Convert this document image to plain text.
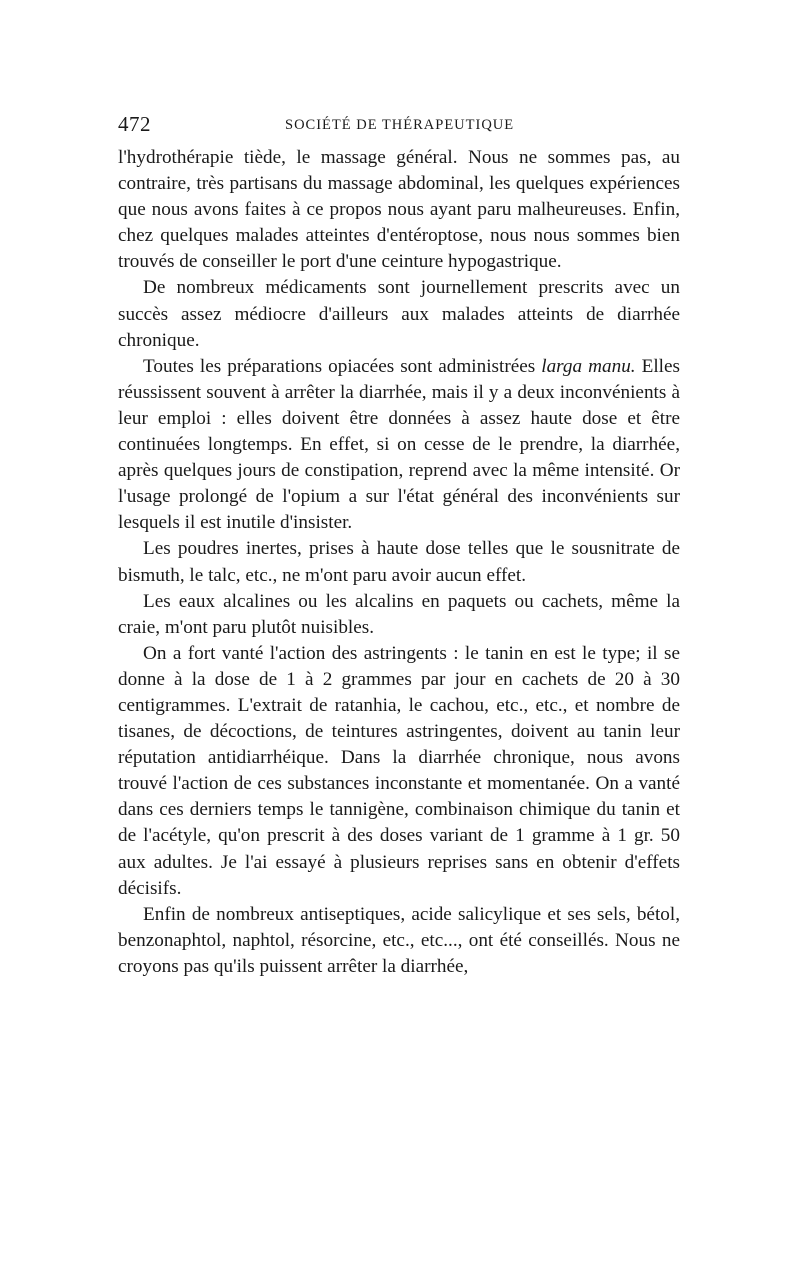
472	SOCIÉTÉ DE THÉRAPEUTIQUE

l'hydrothérapie tiède, le massage général. Nous ne sommes pas, au contraire, très partisans du massage abdominal, les quelques expériences que nous avons faites à ce propos nous ayant paru malheureuses. Enfin, chez quelques malades atteintes d'entéroptose, nous nous sommes bien trouvés de conseiller le port d'une ceinture hypogastrique.

De nombreux médicaments sont journellement prescrits avec un succès assez médiocre d'ailleurs aux malades atteints de diarrhée chronique.

Toutes les préparations opiacées sont administrées larga manu. Elles réussissent souvent à arrêter la diarrhée, mais il y a deux inconvénients à leur emploi : elles doivent être données à assez haute dose et être continuées longtemps. En effet, si on cesse de le prendre, la diarrhée, après quelques jours de constipation, reprend avec la même intensité. Or l'usage prolongé de l'opium a sur l'état général des inconvénients sur lesquels il est inutile d'insister.

Les poudres inertes, prises à haute dose telles que le sousnitrate de bismuth, le talc, etc., ne m'ont paru avoir aucun effet.

Les eaux alcalines ou les alcalins en paquets ou cachets, même la craie, m'ont paru plutôt nuisibles.

On a fort vanté l'action des astringents : le tanin en est le type; il se donne à la dose de 1 à 2 grammes par jour en cachets de 20 à 30 centigrammes. L'extrait de ratanhia, le cachou, etc., etc., et nombre de tisanes, de décoctions, de teintures astringentes, doivent au tanin leur réputation antidiarrhéique. Dans la diarrhée chronique, nous avons trouvé l'action de ces substances inconstante et momentanée. On a vanté dans ces derniers temps le tannigène, combinaison chimique du tanin et de l'acétyle, qu'on prescrit à des doses variant de 1 gramme à 1 gr. 50 aux adultes. Je l'ai essayé à plusieurs reprises sans en obtenir d'effets décisifs.

Enfin de nombreux antiseptiques, acide salicylique et ses sels, bétol, benzonaphtol, naphtol, résorcine, etc., etc..., ont été conseillés. Nous ne croyons pas qu'ils puissent arrêter la diarrhée,
